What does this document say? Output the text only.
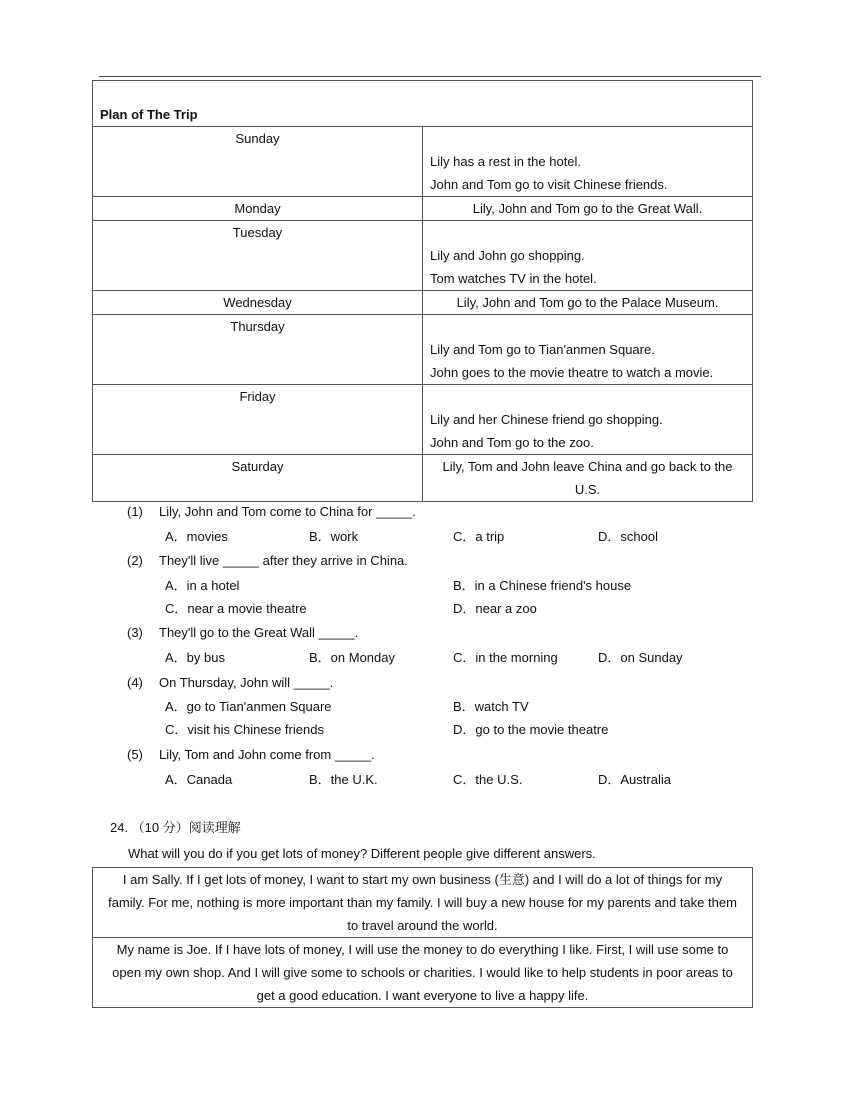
Plan of The Trip	
Sunday	Lily has a rest in the hotel.
John and Tom go to visit Chinese friends.

Monday	Lily, John and Tom go to the Great Wall.
Tuesday	Lily and John go shopping.
Tom watches TV in the hotel.

Wednesday	Lily, John and Tom go to the Palace Museum.
Thursday	Lily and Tom go to Tian'anmen Square.
John goes to the movie theatre to watch a movie.

Friday	Lily and her Chinese friend go shopping.
John and Tom go to the zoo.

Saturday	Lily, Tom and John leave China and go back to the
U.S.
(1) Lily, John and Tom come to China for _____.
A．movies	B．work	C．a trip	D．school
(2) They'll live _____ after they arrive in China.
A．in a hotel	B．in a Chinese friend's house
C．near a movie theatre	D．near a zoo
(3) They'll go to the Great Wall _____.
A．by bus	B．on Monday	C．in the morning	D．on Sunday
(4) On Thursday, John will _____.
A．go to Tian'anmen Square	B．watch TV
C．visit his Chinese friends	D．go to the movie theatre
(5) Lily, Tom and John come from _____.
A．Canada	B．the U.K.	C．the U.S.	D．Australia
24. （10 分）阅读理解
What will you do if you get lots of money? Different people give different answers.
I am Sally. If I get lots of money, I want to start my own business (生意) and I will do a lot of things for my family. For me, nothing is more important than my family. I will buy a new house for my parents and take them to travel around the world.
My name is Joe. If I have lots of money, I will use the money to do everything I like. First, I will use some to open my own shop. And I will give some to schools or charities. I would like to help students in poor areas to get a good education. I want everyone to live a happy life.
